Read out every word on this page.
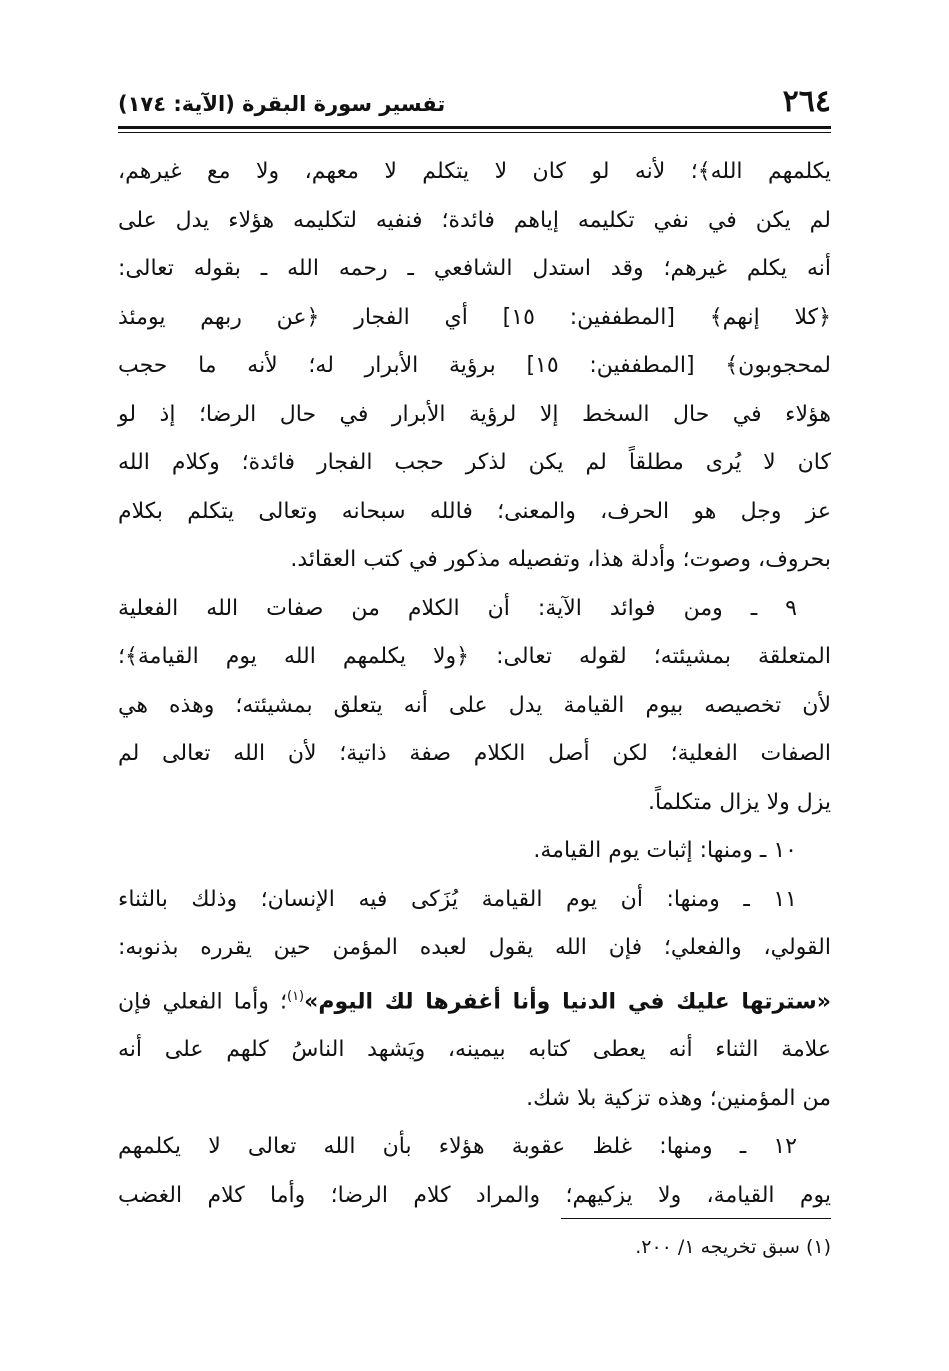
٢٦٤
تفسير سورة البقرة (الآية: ١٧٤)
يكلمهم الله﴾؛ لأنه لو كان لا يتكلم لا معهم، ولا مع غيرهم،
لم يكن في نفي تكليمه إياهم فائدة؛ فنفيه لتكليمه هؤلاء يدل على
أنه يكلم غيرهم؛ وقد استدل الشافعي ـ رحمه الله ـ بقوله تعالى:
﴿كلا إنهم﴾ [المطففين: ١٥] أي الفجار ﴿عن ربهم يومئذ
لمحجوبون﴾ [المطففين: ١٥] برؤية الأبرار له؛ لأنه ما حجب
هؤلاء في حال السخط إلا لرؤية الأبرار في حال الرضا؛ إذ لو
كان لا يُرى مطلقاً لم يكن لذكر حجب الفجار فائدة؛ وكلام الله
عز وجل هو الحرف، والمعنى؛ فالله سبحانه وتعالى يتكلم بكلام
بحروف، وصوت؛ وأدلة هذا، وتفصيله مذكور في كتب العقائد.
٩ ـ ومن فوائد الآية: أن الكلام من صفات الله الفعلية
المتعلقة بمشيئته؛ لقوله تعالى: ﴿ولا يكلمهم الله يوم القيامة﴾؛
لأن تخصيصه بيوم القيامة يدل على أنه يتعلق بمشيئته؛ وهذه هي
الصفات الفعلية؛ لكن أصل الكلام صفة ذاتية؛ لأن الله تعالى لم
يزل ولا يزال متكلماً.
١٠ ـ ومنها: إثبات يوم القيامة.
١١ ـ ومنها: أن يوم القيامة يُزَكى فيه الإنسان؛ وذلك بالثناء
القولي، والفعلي؛ فإن الله يقول لعبده المؤمن حين يقرره بذنوبه:
«سترتها عليك في الدنيا وأنا أغفرها لك اليوم»$^{(١)}$؛ وأما الفعلي فإن
علامة الثناء أنه يعطى كتابه بيمينه، ويَشهد الناسُ كلهم على أنه
من المؤمنين؛ وهذه تزكية بلا شك.
١٢ ـ ومنها: غلظ عقوبة هؤلاء بأن الله تعالى لا يكلمهم
يوم القيامة، ولا يزكيهم؛ والمراد كلام الرضا؛ وأما كلام الغضب
(١) سبق تخريجه ١/ ٢٠٠.
